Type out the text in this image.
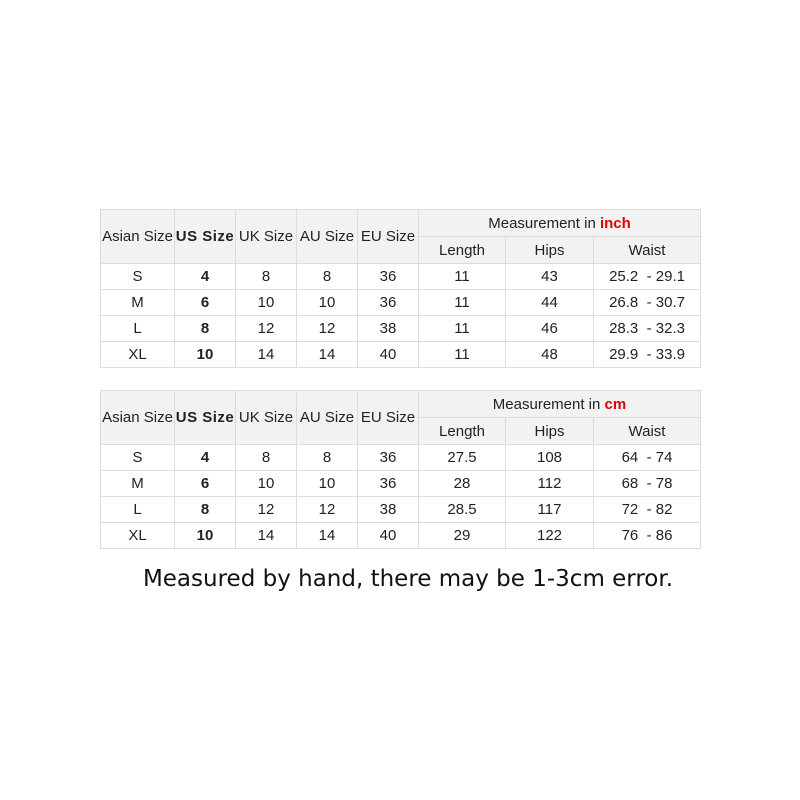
Asian Size	US Size	UK Size	AU Size	EU Size	Measurement in inch		
					Length	Hips	Waist
S	4	8	8	36	11	43	25.2  - 29.1
M	6	10	10	36	11	44	26.8  - 30.7
L	8	12	12	38	11	46	28.3  - 32.3
XL	10	14	14	40	11	48	29.9  - 33.9
Asian Size	US Size	UK Size	AU Size	EU Size	Measurement in cm		
					Length	Hips	Waist
S	4	8	8	36	27.5	108	64  - 74
M	6	10	10	36	28	112	68  - 78
L	8	12	12	38	28.5	117	72  - 82
XL	10	14	14	40	29	122	76  - 86
Measured by hand, there may be 1-3cm error.
